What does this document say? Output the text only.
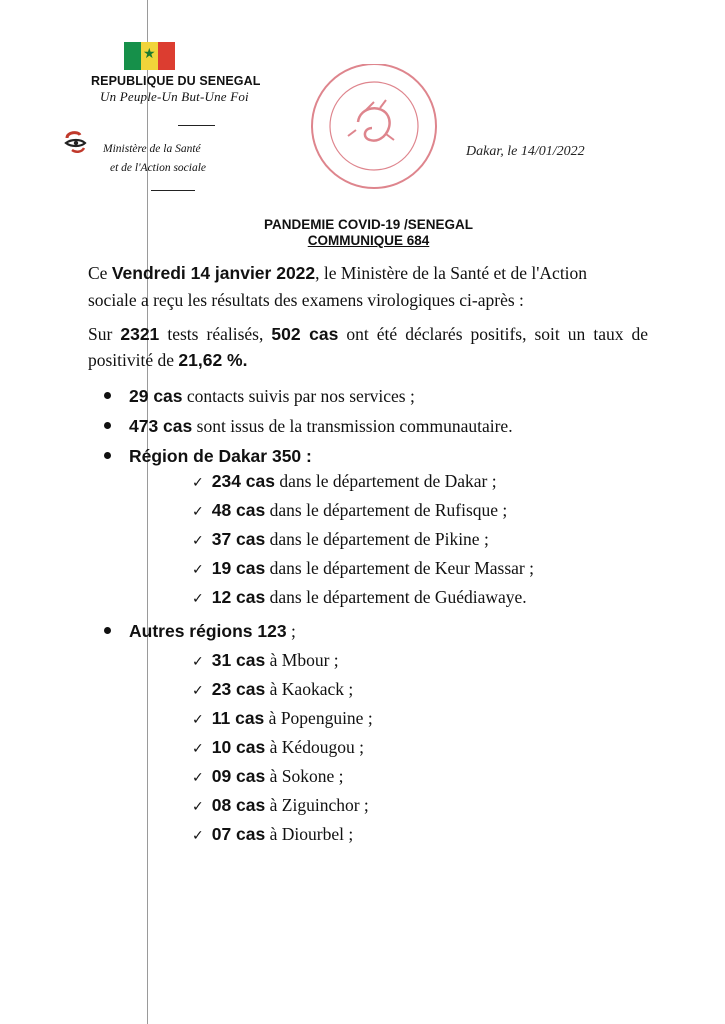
★
REPUBLIQUE DU SENEGAL
Un Peuple-Un But-Une Foi
Ministère de la Santé
et de l'Action sociale
Dakar, le 14/01/2022
PANDEMIE COVID-19 /SENEGAL
COMMUNIQUE 684
Ce Vendredi 14 janvier 2022, le Ministère de la Santé et de l'Action
sociale a reçu les résultats des examens virologiques ci-après :
Sur 2321 tests réalisés, 502 cas ont été déclarés positifs, soit un taux de positivité de 21,62 %.
29 cas contacts suivis par nos services ;
473 cas sont issus de la transmission communautaire.
Région de Dakar 350 :
✓ 234 cas dans le département de Dakar ;
✓ 48 cas dans le département de Rufisque ;
✓ 37 cas dans le département de Pikine ;
✓ 19 cas dans le département de Keur Massar ;
✓ 12 cas dans le département de Guédiawaye.
Autres régions 123 ;
✓ 31 cas à Mbour ;
✓ 23 cas à Kaokack ;
✓ 11 cas à Popenguine ;
✓ 10 cas à Kédougou ;
✓ 09 cas à Sokone ;
✓ 08 cas à Ziguinchor ;
✓ 07 cas à Diourbel ;
